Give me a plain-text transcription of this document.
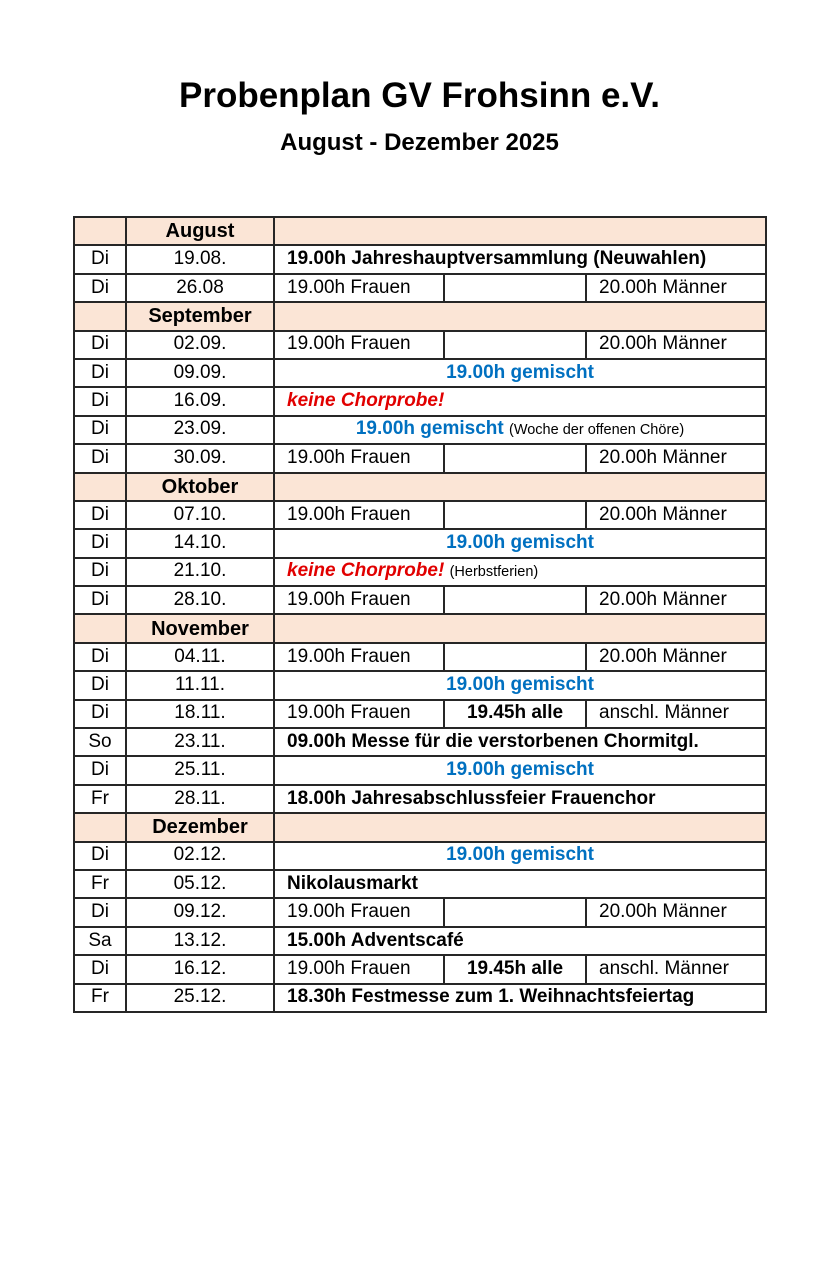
Probenplan GV Frohsinn e.V.
August - Dezember 2025
	August			
Di	19.08.	19.00h Jahreshauptversammlung (Neuwahlen)		
Di	26.08	19.00h Frauen		20.00h Männer
	September			
Di	02.09.	19.00h Frauen		20.00h Männer
Di	09.09.	19.00h gemischt		
Di	16.09.	keine Chorprobe!		
Di	23.09.	19.00h gemischt (Woche der offenen Chöre)		
Di	30.09.	19.00h Frauen		20.00h Männer
	Oktober			
Di	07.10.	19.00h Frauen		20.00h Männer
Di	14.10.	19.00h gemischt		
Di	21.10.	keine Chorprobe! (Herbstferien)		
Di	28.10.	19.00h Frauen		20.00h Männer
	November			
Di	04.11.	19.00h Frauen		20.00h Männer
Di	11.11.	19.00h gemischt		
Di	18.11.	19.00h Frauen	19.45h alle	anschl. Männer
So	23.11.	09.00h Messe für die verstorbenen Chormitgl.		
Di	25.11.	19.00h gemischt		
Fr	28.11.	18.00h Jahresabschlussfeier Frauenchor		
	Dezember			
Di	02.12.	19.00h gemischt		
Fr	05.12.	Nikolausmarkt		
Di	09.12.	19.00h Frauen		20.00h Männer
Sa	13.12.	15.00h Adventscafé		
Di	16.12.	19.00h Frauen	19.45h alle	anschl. Männer
Fr	25.12.	18.30h Festmesse zum 1. Weihnachtsfeiertag		
